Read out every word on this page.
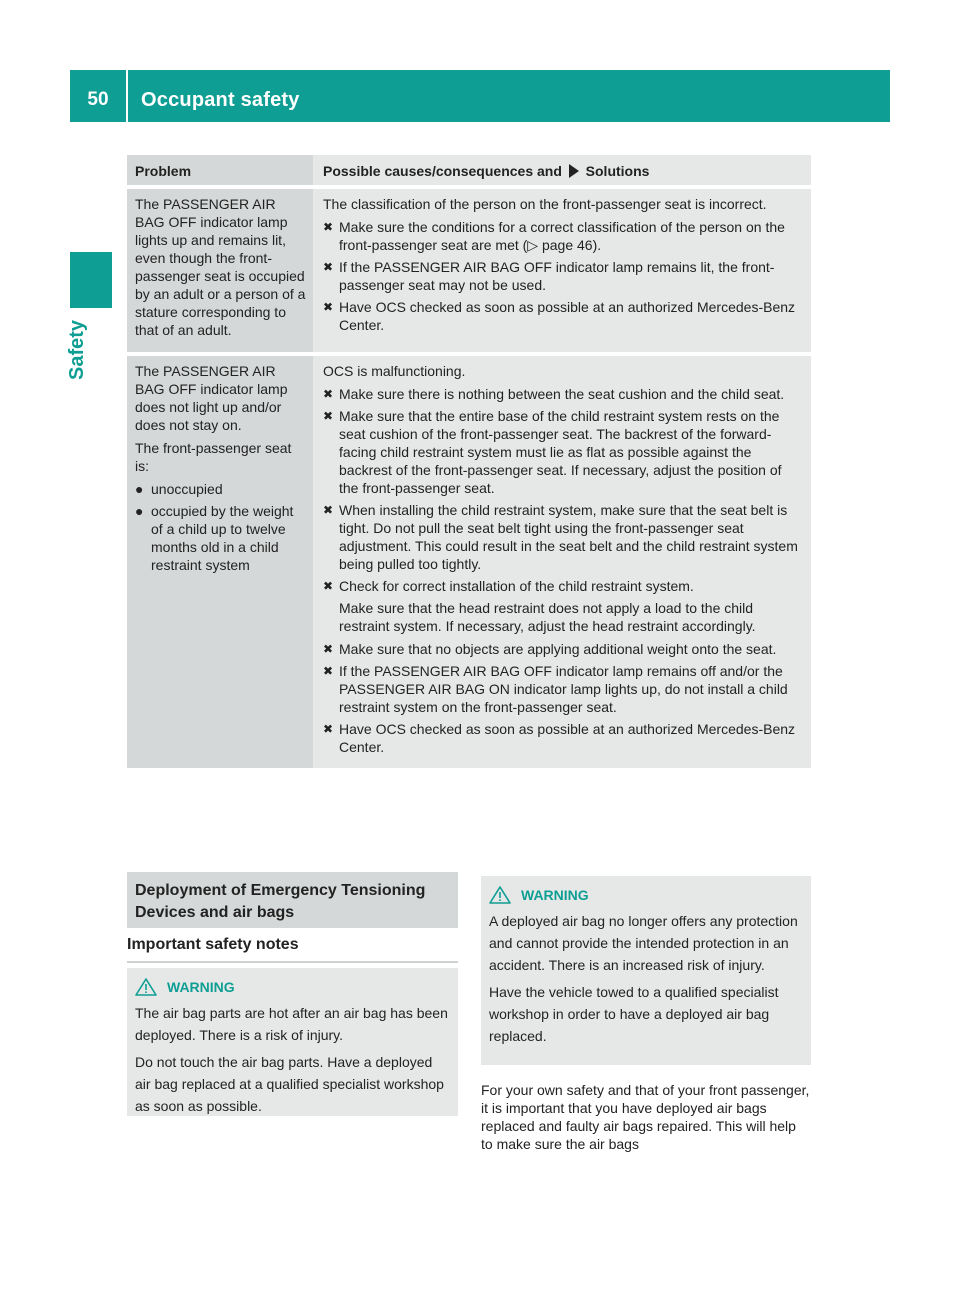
50	Occupant safety
Safety
Problem	Possible causes/consequences and Solutions

The PASSENGER AIR BAG OFF indicator lamp lights up and remains lit, even though the front-passenger seat is occupied by an adult or a person of a stature corresponding to that of an adult.

The classification of the person on the front-passenger seat is incorrect.

✖ Make sure the conditions for a correct classification of the person on the front-passenger seat are met (▷ page 46).
✖ If the PASSENGER AIR BAG OFF indicator lamp remains lit, the front-passenger seat may not be used.
✖ Have OCS checked as soon as possible at an authorized Mercedes-Benz Center.

The PASSENGER AIR BAG OFF indicator lamp does not light up and/or does not stay on.

The front-passenger seat is:

● unoccupied
● occupied by the weight of a child up to twelve months old in a child restraint system

OCS is malfunctioning.

✖ Make sure there is nothing between the seat cushion and the child seat.
✖ Make sure that the entire base of the child restraint system rests on the seat cushion of the front-passenger seat. The backrest of the forward-facing child restraint system must lie as flat as possible against the backrest of the front-passenger seat. If necessary, adjust the position of the front-passenger seat.
✖ When installing the child restraint system, make sure that the seat belt is tight. Do not pull the seat belt tight using the front-passenger seat adjustment. This could result in the seat belt and the child restraint system being pulled too tightly.
✖ Check for correct installation of the child restraint system.

Make sure that the head restraint does not apply a load to the child restraint system. If necessary, adjust the head restraint accordingly.

✖ Make sure that no objects are applying additional weight onto the seat.
✖ If the PASSENGER AIR BAG OFF indicator lamp remains off and/or the PASSENGER AIR BAG ON indicator lamp lights up, do not install a child restraint system on the front-passenger seat.
✖ Have OCS checked as soon as possible at an authorized Mercedes-Benz Center.
Deployment of Emergency Tensioning Devices and air bags
Important safety notes
WARNING

The air bag parts are hot after an air bag has been deployed. There is a risk of injury.

Do not touch the air bag parts. Have a deployed air bag replaced at a qualified specialist workshop as soon as possible.

WARNING

A deployed air bag no longer offers any protection and cannot provide the intended protection in an accident. There is an increased risk of injury.

Have the vehicle towed to a qualified specialist workshop in order to have a deployed air bag replaced.

For your own safety and that of your front passenger, it is important that you have deployed air bags replaced and faulty air bags repaired. This will help to make sure the air bags
